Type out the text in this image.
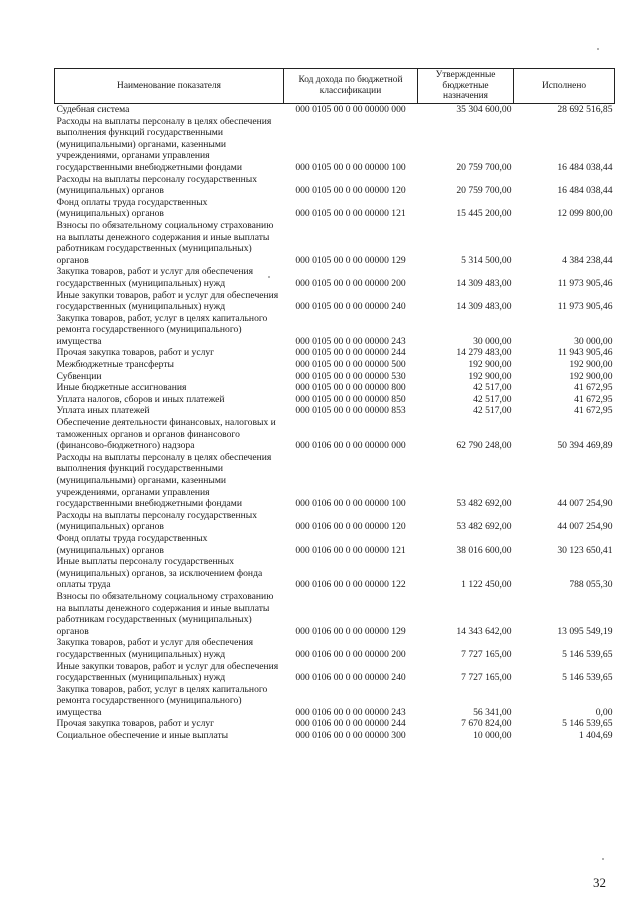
Наименование показателя	Код дохода по бюджетной классификации	Утвержденные бюджетные назначения	Исполнено
Судебная система	000 0105 00 0 00 00000 000	35 304 600,00	28 692 516,85
Расходы на выплаты персоналу в целях обеспечения выполнения функций государственными (муниципальными) органами, казенными учреждениями, органами управления государственными внебюджетными фондами	000 0105 00 0 00 00000 100	20 759 700,00	16 484 038,44
Расходы на выплаты персоналу государственных (муниципальных) органов	000 0105 00 0 00 00000 120	20 759 700,00	16 484 038,44
Фонд оплаты труда государственных (муниципальных) органов	000 0105 00 0 00 00000 121	15 445 200,00	12 099 800,00
Взносы по обязательному социальному страхованию на выплаты денежного содержания и иные выплаты работникам государственных (муниципальных) органов	000 0105 00 0 00 00000 129	5 314 500,00	4 384 238,44
Закупка товаров, работ и услуг для обеспечения государственных (муниципальных) нужд	000 0105 00 0 00 00000 200	14 309 483,00	11 973 905,46
Иные закупки товаров, работ и услуг для обеспечения государственных (муниципальных) нужд	000 0105 00 0 00 00000 240	14 309 483,00	11 973 905,46
Закупка товаров, работ, услуг в целях капитального ремонта государственного (муниципального) имущества	000 0105 00 0 00 00000 243	30 000,00	30 000,00
Прочая закупка товаров, работ и услуг	000 0105 00 0 00 00000 244	14 279 483,00	11 943 905,46
Межбюджетные трансферты	000 0105 00 0 00 00000 500	192 900,00	192 900,00
Субвенции	000 0105 00 0 00 00000 530	192 900,00	192 900,00
Иные бюджетные ассигнования	000 0105 00 0 00 00000 800	42 517,00	41 672,95
Уплата налогов, сборов и иных платежей	000 0105 00 0 00 00000 850	42 517,00	41 672,95
Уплата иных платежей	000 0105 00 0 00 00000 853	42 517,00	41 672,95
Обеспечение деятельности финансовых, налоговых и таможенных органов и органов финансового (финансово-бюджетного) надзора	000 0106 00 0 00 00000 000	62 790 248,00	50 394 469,89
Расходы на выплаты персоналу в целях обеспечения выполнения функций государственными (муниципальными) органами, казенными учреждениями, органами управления государственными внебюджетными фондами	000 0106 00 0 00 00000 100	53 482 692,00	44 007 254,90
Расходы на выплаты персоналу государственных (муниципальных) органов	000 0106 00 0 00 00000 120	53 482 692,00	44 007 254,90
Фонд оплаты труда государственных (муниципальных) органов	000 0106 00 0 00 00000 121	38 016 600,00	30 123 650,41
Иные выплаты персоналу государственных (муниципальных) органов, за исключением фонда оплаты труда	000 0106 00 0 00 00000 122	1 122 450,00	788 055,30
Взносы по обязательному социальному страхованию на выплаты денежного содержания и иные выплаты работникам государственных (муниципальных) органов	000 0106 00 0 00 00000 129	14 343 642,00	13 095 549,19
Закупка товаров, работ и услуг для обеспечения государственных (муниципальных) нужд	000 0106 00 0 00 00000 200	7 727 165,00	5 146 539,65
Иные закупки товаров, работ и услуг для обеспечения государственных (муниципальных) нужд	000 0106 00 0 00 00000 240	7 727 165,00	5 146 539,65
Закупка товаров, работ, услуг в целях капитального ремонта государственного (муниципального) имущества	000 0106 00 0 00 00000 243	56 341,00	0,00
Прочая закупка товаров, работ и услуг	000 0106 00 0 00 00000 244	7 670 824,00	5 146 539,65
Социальное обеспечение и иные выплаты	000 0106 00 0 00 00000 300	10 000,00	1 404,69
32
